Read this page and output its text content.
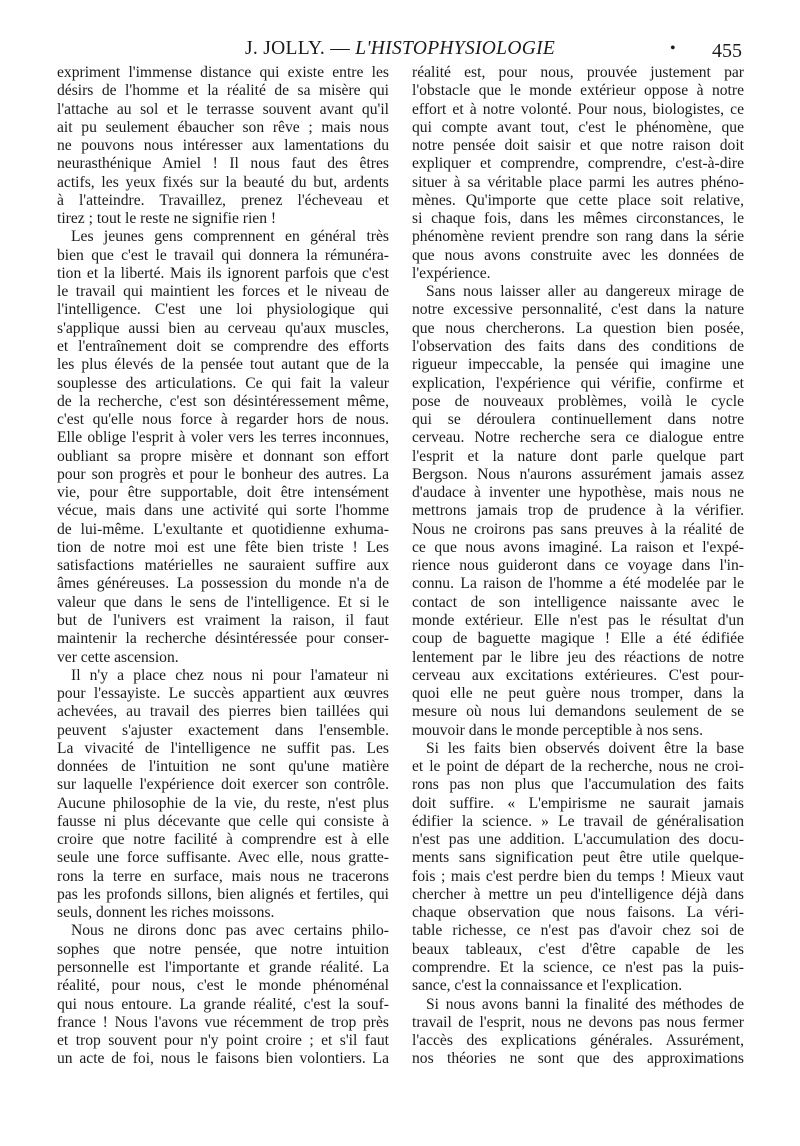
J. JOLLY. — L'HISTOPHYSIOLOGIE	• 455
expriment l'immense distance qui existe entre les
désirs de l'homme et la réalité de sa misère qui
l'attache au sol et le terrasse souvent avant qu'il
ait pu seulement ébaucher son rêve ; mais nous
ne pouvons nous intéresser aux lamentations du
neurasthénique Amiel ! Il nous faut des êtres
actifs, les yeux fixés sur la beauté du but, ardents
à l'atteindre. Travaillez, prenez l'écheveau et
tirez ; tout le reste ne signifie rien !
Les jeunes gens comprennent en général très
bien que c'est le travail qui donnera la rémunéra-
tion et la liberté. Mais ils ignorent parfois que c'est
le travail qui maintient les forces et le niveau de
l'intelligence. C'est une loi physiologique qui
s'applique aussi bien au cerveau qu'aux muscles,
et l'entraînement doit se comprendre des efforts
les plus élevés de la pensée tout autant que de la
souplesse des articulations. Ce qui fait la valeur
de la recherche, c'est son désintéressement même,
c'est qu'elle nous force à regarder hors de nous.
Elle oblige l'esprit à voler vers les terres inconnues,
oubliant sa propre misère et donnant son effort
pour son progrès et pour le bonheur des autres. La
vie, pour être supportable, doit être intensément
vécue, mais dans une activité qui sorte l'homme
de lui-même. L'exultante et quotidienne exhuma-
tion de notre moi est une fête bien triste ! Les
satisfactions matérielles ne sauraient suffire aux
âmes généreuses. La possession du monde n'a de
valeur que dans le sens de l'intelligence. Et si le
but de l'univers est vraiment la raison, il faut
maintenir la recherche désintéressée pour conser-
ver cette ascension.
Il n'y a place chez nous ni pour l'amateur ni
pour l'essayiste. Le succès appartient aux œuvres
achevées, au travail des pierres bien taillées qui
peuvent s'ajuster exactement dans l'ensemble.
La vivacité de l'intelligence ne suffit pas. Les
données de l'intuition ne sont qu'une matière
sur laquelle l'expérience doit exercer son contrôle.
Aucune philosophie de la vie, du reste, n'est plus
fausse ni plus décevante que celle qui consiste à
croire que notre facilité à comprendre est à elle
seule une force suffisante. Avec elle, nous gratte-
rons la terre en surface, mais nous ne tracerons
pas les profonds sillons, bien alignés et fertiles, qui
seuls, donnent les riches moissons.
Nous ne dirons donc pas avec certains philo-
sophes que notre pensée, que notre intuition
personnelle est l'importante et grande réalité. La
réalité, pour nous, c'est le monde phénoménal
qui nous entoure. La grande réalité, c'est la souf-
france ! Nous l'avons vue récemment de trop près
et trop souvent pour n'y point croire ; et s'il faut
un acte de foi, nous le faisons bien volontiers. La
réalité est, pour nous, prouvée justement par
l'obstacle que le monde extérieur oppose à notre
effort et à notre volonté. Pour nous, biologistes, ce
qui compte avant tout, c'est le phénomène, que
notre pensée doit saisir et que notre raison doit
expliquer et comprendre, comprendre, c'est-à-dire
situer à sa véritable place parmi les autres phéno-
mènes. Qu'importe que cette place soit relative,
si chaque fois, dans les mêmes circonstances, le
phénomène revient prendre son rang dans la série
que nous avons construite avec les données de
l'expérience.
Sans nous laisser aller au dangereux mirage de
notre excessive personnalité, c'est dans la nature
que nous chercherons. La question bien posée,
l'observation des faits dans des conditions de
rigueur impeccable, la pensée qui imagine une
explication, l'expérience qui vérifie, confirme et
pose de nouveaux problèmes, voilà le cycle
qui se déroulera continuellement dans notre
cerveau. Notre recherche sera ce dialogue entre
l'esprit et la nature dont parle quelque part
Bergson. Nous n'aurons assurément jamais assez
d'audace à inventer une hypothèse, mais nous ne
mettrons jamais trop de prudence à la vérifier.
Nous ne croirons pas sans preuves à la réalité de
ce que nous avons imaginé. La raison et l'expé-
rience nous guideront dans ce voyage dans l'in-
connu. La raison de l'homme a été modelée par le
contact de son intelligence naissante avec le
monde extérieur. Elle n'est pas le résultat d'un
coup de baguette magique ! Elle a été édifiée
lentement par le libre jeu des réactions de notre
cerveau aux excitations extérieures. C'est pour-
quoi elle ne peut guère nous tromper, dans la
mesure où nous lui demandons seulement de se
mouvoir dans le monde perceptible à nos sens.
Si les faits bien observés doivent être la base
et le point de départ de la recherche, nous ne croi-
rons pas non plus que l'accumulation des faits
doit suffire. « L'empirisme ne saurait jamais
édifier la science. » Le travail de généralisation
n'est pas une addition. L'accumulation des docu-
ments sans signification peut être utile quelque-
fois ; mais c'est perdre bien du temps ! Mieux vaut
chercher à mettre un peu d'intelligence déjà dans
chaque observation que nous faisons. La véri-
table richesse, ce n'est pas d'avoir chez soi de
beaux tableaux, c'est d'être capable de les
comprendre. Et la science, ce n'est pas la puis-
sance, c'est la connaissance et l'explication.
Si nous avons banni la finalité des méthodes de
travail de l'esprit, nous ne devons pas nous fermer
l'accès des explications générales. Assurément,
nos théories ne sont que des approximations
